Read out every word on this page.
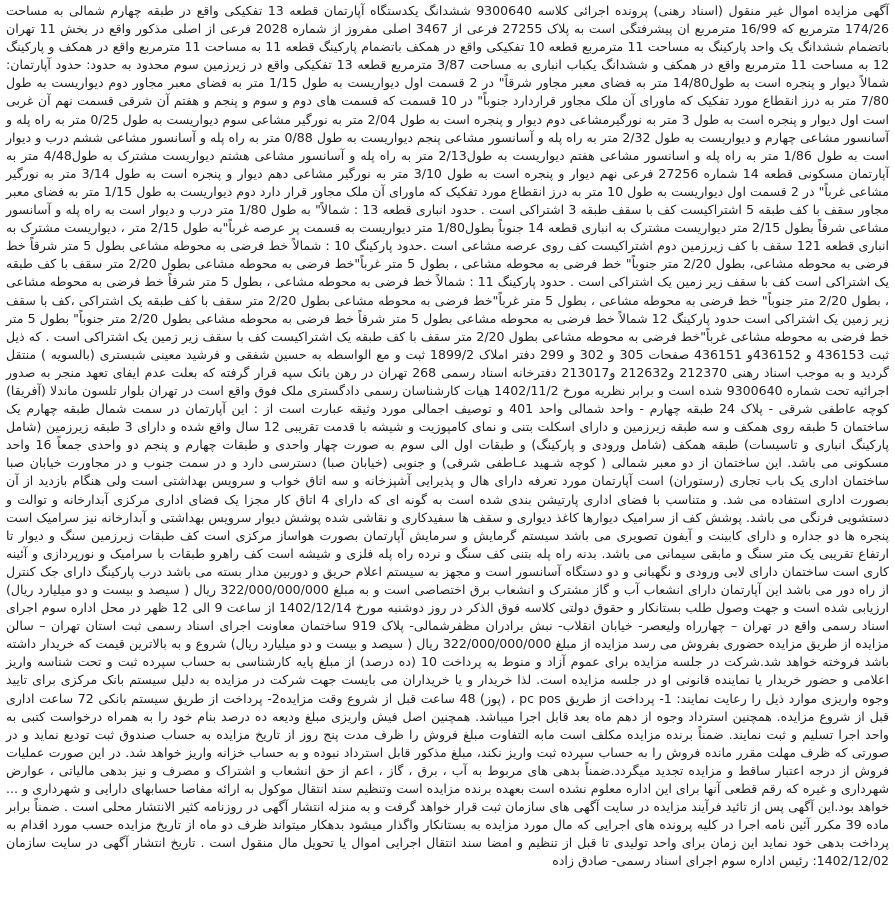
آگهی مزایده اموال غیر منقول (اسناد رهنی) پرونده اجرائی کلاسه 9300640 ششدانگ یکدستگاه آپارتمان قطعه 13 تفکیکی واقع در طبقه چهارم شمالی به مساحت 174/26 مترمربع که 16/99 مترمربع ان پیشرفتگی است به پلاک 27255 فرعی از 3467 اصلی مفروز از شماره 2028 فرعی از اصلی مذکور واقع در بخش 11 تهران باتضمام ششدانگ یک واحد پارکینگ به مساحت 11 مترمربع قطعه 10 تفکیکی واقع در همکف باتضمام پارکینگ قطعه 11 به مساحت 11 مترمربع واقع در همکف و پارکینگ 12 به مساحت 11 مترمربع واقع در همکف و ششدانگ یکباب انباری به مساحت 3/87 مترمربع قطعه 13 تفکیکی واقع در زیرزمین سوم محدود به حدود: حدود آپارتمان: شمالاً دیوار و پنجره است به طول14/80 متر به فضای معبر مجاور شرقاً" در 2 قسمت اول دیواریست به طول 1/15 متر به فضای معبر مجاور دوم دیواریست به طول 7/80 متر به درز انقطاع مورد تفکیک که ماورای آن ملک مجاور قراردارد جنوباً" در 10 قسمت که قسمت های دوم و سوم و پنجم و هفتم آن شرقی قسمت نهم آن غربی است اول دیوار و پنجره است به طول 3 متر به نورگیرمشاعی دوم دیوار و پنجره است به طول 2/04 متر به نورگیر مشاعی سوم دیواریست به طول 0/25 متر به راه پله و آسانسور مشاعی چهارم و دیواریست به طول 2/32 متر به راه پله و آسانسور مشاعی پنجم دیواریست به طول 0/88 متر به راه پله و آسانسور مشاعی ششم درب و دیوار است به طول 1/86 متر به راه پله و اسانسور مشاعی هفتم دیواریست به طول2/13 متر به راه پله و آسانسور مشاعی هشتم دیواریست مشترک به طول4/48 متر به آپارتمان مسکونی قطعه 14 شماره 27256 فرعی نهم دیوار و پنجره است به طول 3/10 متر به نورگیر مشاعی دهم دیوار و پنجره است به طول 3/14 متر به نورگیر مشاعی غرباً" در 2 قسمت اول دیواریست به طول 10 متر به درز انقطاع مورد تفکیک که ماورای آن ملک مجاور قرار دارد دوم دیواریست به طول 1/15 متر به فضای معبر مجاور سقف با کف طبقه 5 اشتراکیست کف با سقف طبقه 3 اشتراکی است . حدود انباری قطعه 13 : شمالاً" به طول 1/80 متر درب و دیوار است به راه پله و آسانسور مشاعی شرقاً بطول 2/15 متر دیواریست مشترک به انباری قطعه 14 جنوباً بطول1/80 متر دیواریست به قسمت پر عرصه غرباً"به طول 2/15 متر ، دیواریست مشترک به انباری قطعه 121 سقف با کف زیرزمین دوم اشتراکیست کف روی عرصه مشاعی است .حدود پارکینگ 10 : شمالاً خط فرضی به محوطه مشاعی بطول 5 متر شرقاً خط فرضی به محوطه مشاعی، بطول 2/20 متر جنوباً" خط فرضی به محوطه مشاعی ، بطول 5 متر غرباً"خط فرضی به محوطه مشاعی بطول 2/20 متر سقف با کف طبقه یک اشتراکی است کف با سقف زیر زمین یک اشتراکی است . حدود پارکینگ 11 : شمالاً خط فرضی به محوطه مشاعی ، بطول 5 متر شرقاً خط فرضی به محوطه مشاعی ، بطول 2/20 متر جنوباً" خط فرضی به محوطه مشاعی ، بطول 5 متر غرباً"خط فرضی به محوطه مشاعی بطول 2/20 متر سقف با کف طبقه یک اشتراکی ،کف با سقف زیر زمین یک اشتراکی است حدود پارکینگ 12 شمالاً خط فرضی به محوطه مشاعی بطول 5 متر شرقاً خط فرضی به محوطه مشاعی بطول 2/20 متر جنوباً" بطول 5 متر خط فرضی به محوطه مشاعی غرباً"خط فرضی به محوطه مشاعی بطول 2/20 متر سقف با کف طبقه یک اشتراکیست کف با سقف زیر زمین یک اشتراکی است . که ذیل ثبت 436153 و 436152و 436151 صفحات 305 و 302 و 299 دفتر املاک 1899/2 ثبت و مع الواسطه به حسین شفقی و فرشید معینی شبستری (بالسویه ) منتقل گردید و به موجب اسناد رهنی 212370 و212632 و213017 دفترخانه اسناد رسمی 268 تهران در رهن بانک سپه قرار گرفته که بعلت عدم ایفای تعهد منجر به صدور اجرائیه تحت شماره 9300640 شده است و برابر نظریه مورخ 1402/11/2 هیات کارشناسان رسمی دادگستری ملک فوق واقع است در تهران بلوار تلسون ماندلا (آفریقا) کوچه عاطفی شرقی - پلاک 24 طبقه چهارم - واحد شمالی واحد 401 و توصیف اجمالی مورد وثیقه عبارت است از : این آپارتمان در سمت شمال طبقه چهارم یک ساختمان 5 طبقه روی همکف و سه طبقه زیرزمین و دارای اسکلت بتنی و نمای کامپوزیت و شیشه با قدمت تقریبی 12 سال واقع شده و دارای 3 طبقه زیرزمین (شامل پارکینگ انباری و تاسیسات) طبقه همکف (شامل ورودی و پارکینگ) و طبقات اول الی سوم به صورت چهار واحدی و طبقات چهارم و پنجم دو واحدی جمعاً 16 واحد مسکونی می باشد. این ساختمان از دو معبر شمالی ( کوچه شـهید عـاطفی شرقی) و جنوبی (خیابان صبا) دسترسی دارد و در سمت جنوب و در مجاورت خیابان صبا ساختمان اداری یک باب تجاری (رستوران) است آپارتمان مورد تعرفه دارای هال و پذیرایی آشپزخانه و سه اتاق خواب و سرویس بهداشتی است ولی هنگام بازدید از آن بصورت اداری استفاده می شد. و متناسب با فضای اداری پارتیشن بندی شده است به گونه ای که دارای 4 اتاق کار مجزا یک فضای اداری مرکزی آبدارخانه و توالت و دستشویی فرنگی می باشد. پوشش کف از سرامیک دیوارها کاغذ دیواری و سقف ها سفیدکاری و نقاشی شده پوشش دیوار سرویس بهداشتی و آبدارخانه نیز سرامیک است پنجره ها دو جداره و دارای کابینت و آیفون تصویری می باشد سیستم گرمایش و سرمایش آپارتمان بصورت هواساز مرکزی است کف طبقات زیرزمین سنگ و دیوار تا ارتفاع تقریبی یک متر سنگ و مابقی سیمانی می باشد. بدنه راه پله بتنی کف سنگ و نرده راه پله فلزی و شیشه است کف راهرو طبقات با سرامیک و نورپردازی و آئینه کاری است ساختمان دارای لابی ورودی و نگهبانی و دو دستگاه آسانسور است و مجهز به سیستم اعلام حریق و دوربین مدار بسته می باشد درب پارکینگ دارای جک کنترل از راه دور می باشد این آپارتمان دارای انشعاب آب و گاز مشترک و انشعاب برق اختصاصی است و به مبلغ 322/000/000/000 ریال ( سیصد و بیست و دو میلیارد ریال) ارزیابی شده است و جهت وصول طلب بستانکار و حقوق دولتی کلاسه فوق الذکر در روز دوشنبه مورخ 1402/12/14 از ساعت 9 الی 12 ظهر در محل اداره سوم اجرای اسناد رسمی واقع در تهران – چهارراه ولیعصر- خیابان انقلاب- نبش برادران مظفرشمالی- پلاک 919 ساختمان معاونت اجرای اسناد رسمی ثبت استان تهران – سالن مزایده از طریق مزایده حضوری بفروش می رسد مزایده از مبلغ 322/000/000/000 ریال ( سیصد و بیست و دو میلیارد ریال) شروع و به بالاترین قیمت که خریدار داشته باشد فروخته خواهد شد.شرکت در جلسه مزایده برای عموم آزاد و منوط به پرداخت 10 (ده درصد) از مبلغ پایه کارشناسی به حساب سپرده ثبت و تحت شناسه واریز اعلامی و حضور خریدار یا نماینده قانونی او در جلسه مزایده است. لذا خریدار و یا خریداران می بایست جهت شرکت در مزایده به دلیل سیستم بانک مرکزی برای تایید وجوه واریزی موارد ذیل را رعایت نمایند: 1- پرداخت از طریق pc pos ، (پوز) 48 ساعت قبل از شروع وقت مزایده2- پرداخت از طریق سیستم بانکی 72 ساعت اداری قبل از شروع مزایده. همچنین استرداد وجوه از دهم ماه بعد قابل اجرا میباشد. همچنین اصل فیش واریزی مبلغ ودیعه ده درصد بنام خود را به همراه درخواست کتبی به واحد اجرا تسلیم و ثبت نمایند. ضمناً برنده مزایده مکلف است مابه التفاوت مبلغ فروش را ظرف مدت پنج روز از تاریخ مزایده به حساب صندوق ثبت تودیع نماید و در صورتی که ظرف مهلت مقرر مانده فروش را به حساب سپرده ثبت واریز نکند، مبلغ مذکور قابل استرداد نبوده و به حساب خزانه واریز خواهد شد. در این صورت عملیات فروش از درجه اعتبار ساقط و مزایده تجدید میگردد.ضمناً بدهی های مربوط به آب ، برق ، گاز ، اعم از حق انشعاب و اشتراک و مصرف و نیز بدهی مالیاتی ، عوارض شهرداری و غیره که رقم قطعی آنها برای این اداره معلوم نشده است بعهده برنده مزایده است وتنظیم سند انتقال موکول به ارائه مفاصا حسابهای دارایی و شهرداری و ... خواهد بود.این آگهی پس از تائید فرآیند مزایده در سایت آگهی های سازمان ثبت قرار خواهد گرفت و به منزله انتشار آگهی در روزنامه کثیر الانتشار محلی است . ضمناً برابر ماده 39 مکرر آئین نامه اجرا در کلیه پرونده های اجرایی که مال مورد مزایده به بستانکار واگذار میشود بدهکار میتواند ظرف دو ماه از تاریخ مزایده حسب مورد اقدام به پرداخت بدهی خود نماید این زمان برای واحد تولیدی تا قبل از تنظیم و امضا سند انتقال اجرایی اموال یا تحویل مال منقول است . تاریخ انتشار آگهی در سایت سازمان 1402/12/02: رئیس اداره سوم اجرای اسناد رسمی- صادق زاده
